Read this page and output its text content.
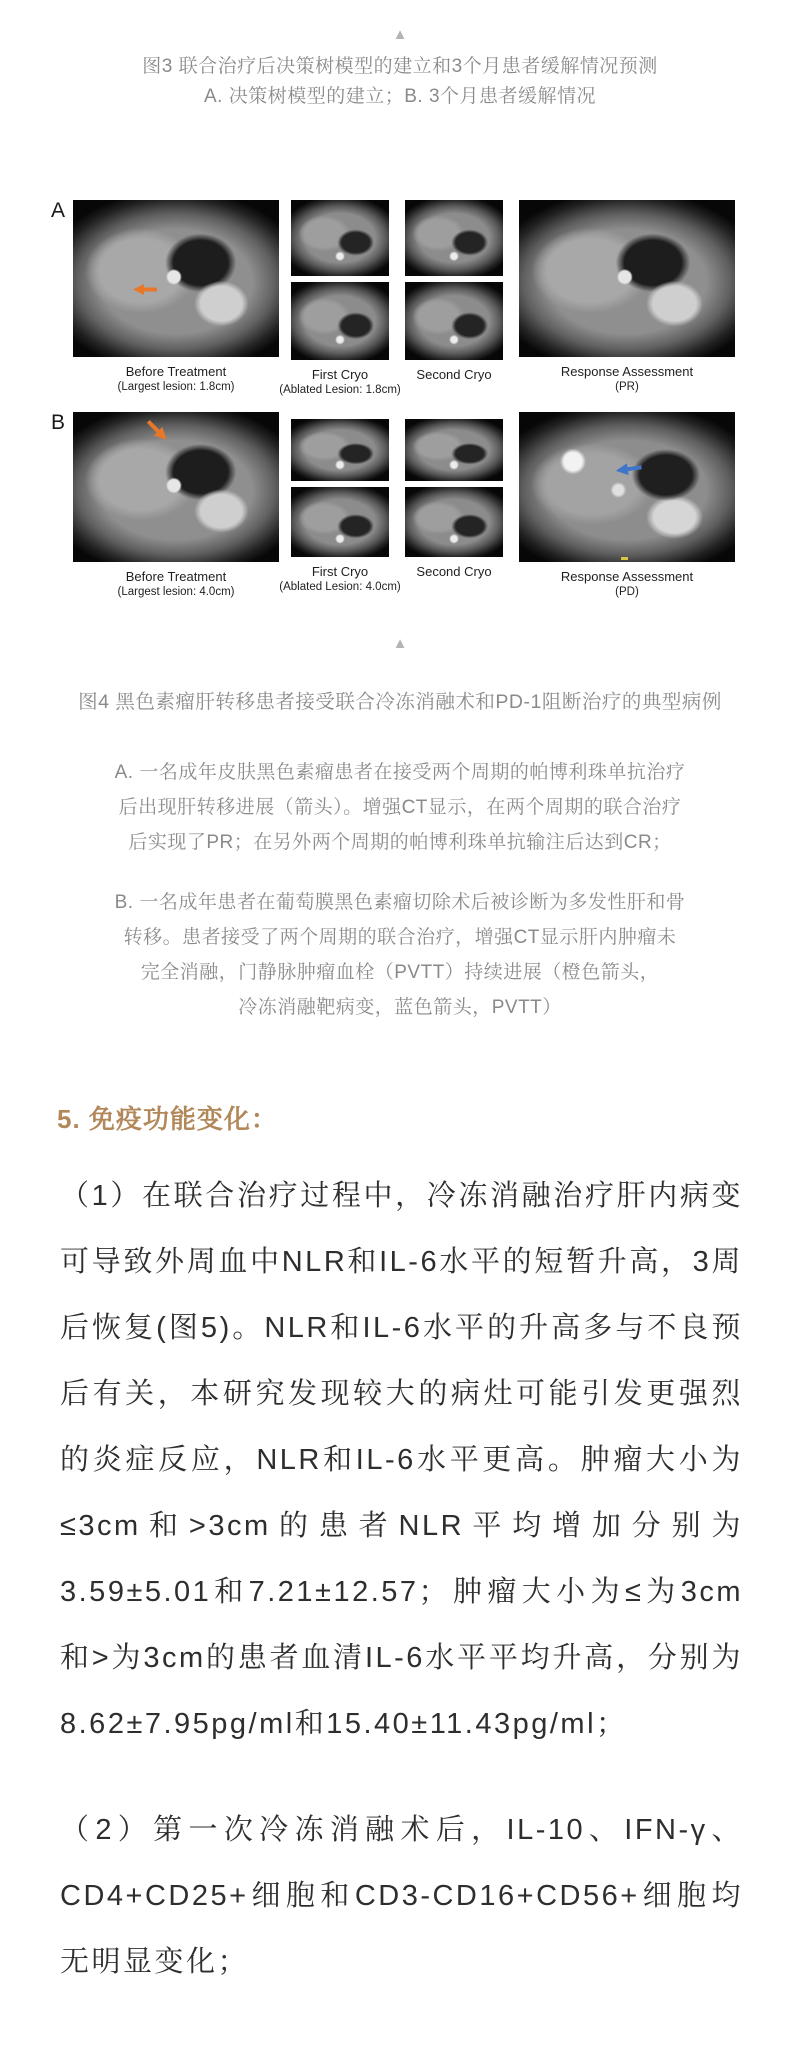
▲
图3 联合治疗后决策树模型的建立和3个月患者缓解情况预测
A. 决策树模型的建立；B. 3个月患者缓解情况
A
Before Treatment
(Largest lesion: 1.8cm)
First Cryo
(Ablated Lesion: 1.8cm)
Second Cryo	Response Assessment
(PR)
B
Before Treatment
(Largest lesion: 4.0cm)
First Cryo
(Ablated Lesion: 4.0cm)
Second Cryo	Response Assessment
(PD)
▲
图4 黑色素瘤肝转移患者接受联合冷冻消融术和PD-1阻断治疗的典型病例
A. 一名成年皮肤黑色素瘤患者在接受两个周期的帕博利珠单抗治疗
后出现肝转移进展（箭头）。增强CT显示，在两个周期的联合治疗
后实现了PR；在另外两个周期的帕博利珠单抗输注后达到CR；
B. 一名成年患者在葡萄膜黑色素瘤切除术后被诊断为多发性肝和骨
转移。患者接受了两个周期的联合治疗，增强CT显示肝内肿瘤未
完全消融，门静脉肿瘤血栓（PVTT）持续进展（橙色箭头，
冷冻消融靶病变，蓝色箭头，PVTT）
5. 免疫功能变化：

（1）在联合治疗过程中，冷冻消融治疗肝内病变可导致外周血中NLR和IL-6水平的短暂升高，3周后恢复(图5)。NLR和IL-6水平的升高多与不良预后有关，本研究发现较大的病灶可能引发更强烈的炎症反应，NLR和IL-6水平更高。肿瘤大小为≤3cm和>3cm的患者NLR平均增加分别为3.59±5.01和7.21±12.57；肿瘤大小为≤为3cm和>为3cm的患者血清IL-6水平平均升高，分别为8.62±7.95pg/ml和15.40±11.43pg/ml；

（2）第一次冷冻消融术后，IL-10、IFN-γ、CD4+CD25+细胞和CD3-CD16+CD56+细胞均无明显变化；
